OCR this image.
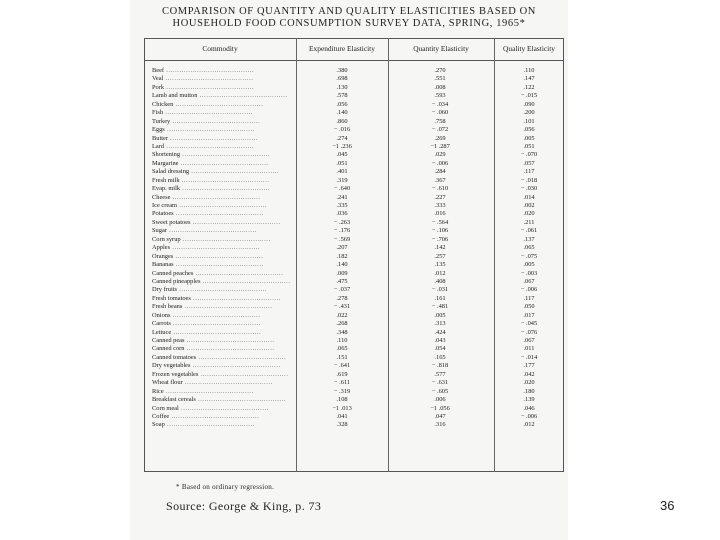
COMPARISON OF QUANTITY AND QUALITY ELASTICITIES BASED ON
HOUSEHOLD FOOD CONSUMPTION SURVEY DATA, SPRING, 1965*
Commodity	Expenditure Elasticity	Quantity Elasticity	Quality Elasticity
Beef ........................................	.380	.270	.110
Veal ........................................	.698	.551	.147
Pork ........................................	.130	.008	.122
Lamb and mutton ........................................	.578	.593	− .015
Chicken ........................................	.056	− .034	.090
Fish ........................................	.140	− .060	.200
Turkey ........................................	.860	.758	.101
Eggs ........................................	− .016	− .072	.056
Butter ........................................	.274	.269	.005
Lard ........................................	−1 .236	−1 .287	.051
Shortening ........................................	.045	.029	− .070
Margarine ........................................	.051	− .006	.057
Salad dressing ........................................	.401	.284	.117
Fresh milk ........................................	.319	.367	− .018
Evap. milk ........................................	− .640	− .610	− .030
Cheese ........................................	.241	.227	.014
Ice cream ........................................	.335	.333	.002
Potatoes ........................................	.036	.016	.020
Sweet potatoes ........................................	− .263	− .564	.211
Sugar ........................................	− .176	− .106	− .061
Corn syrup ........................................	− .569	− .706	.137
Apples ........................................	.207	.142	.065
Oranges ........................................	.182	.257	− .075
Bananas ........................................	.140	.135	.005
Canned peaches ........................................	.009	.012	− .003
Canned pineapples ........................................	.475	.408	.067
Dry fruits ........................................	− .037	− .031	− .006
Fresh tomatoes ........................................	.278	.161	.117
Fresh beans ........................................	− .431	− .481	.050
Onions ........................................	.022	.005	.017
Carrots ........................................	.268	.313	− .045
Lettuce ........................................	.348	.424	− .076
Canned peas ........................................	.110	.043	.067
Canned corn ........................................	.065	.054	.011
Canned tomatoes ........................................	.151	.165	− .014
Dry vegetables ........................................	− .641	− .818	.177
Frozen vegetables ........................................	.619	.577	.042
Wheat flour ........................................	− .611	− .631	.020
Rice ........................................	− .319	− .605	.180
Breakfast cereals ........................................	.108	.006	.139
Corn meal ........................................	−1 .013	−1 .056	.046
Coffee ........................................	.041	.047	− .006
Soap ........................................	.328	.316	.012
* Based on ordinary regression.
Source: George & King, p. 73	36
